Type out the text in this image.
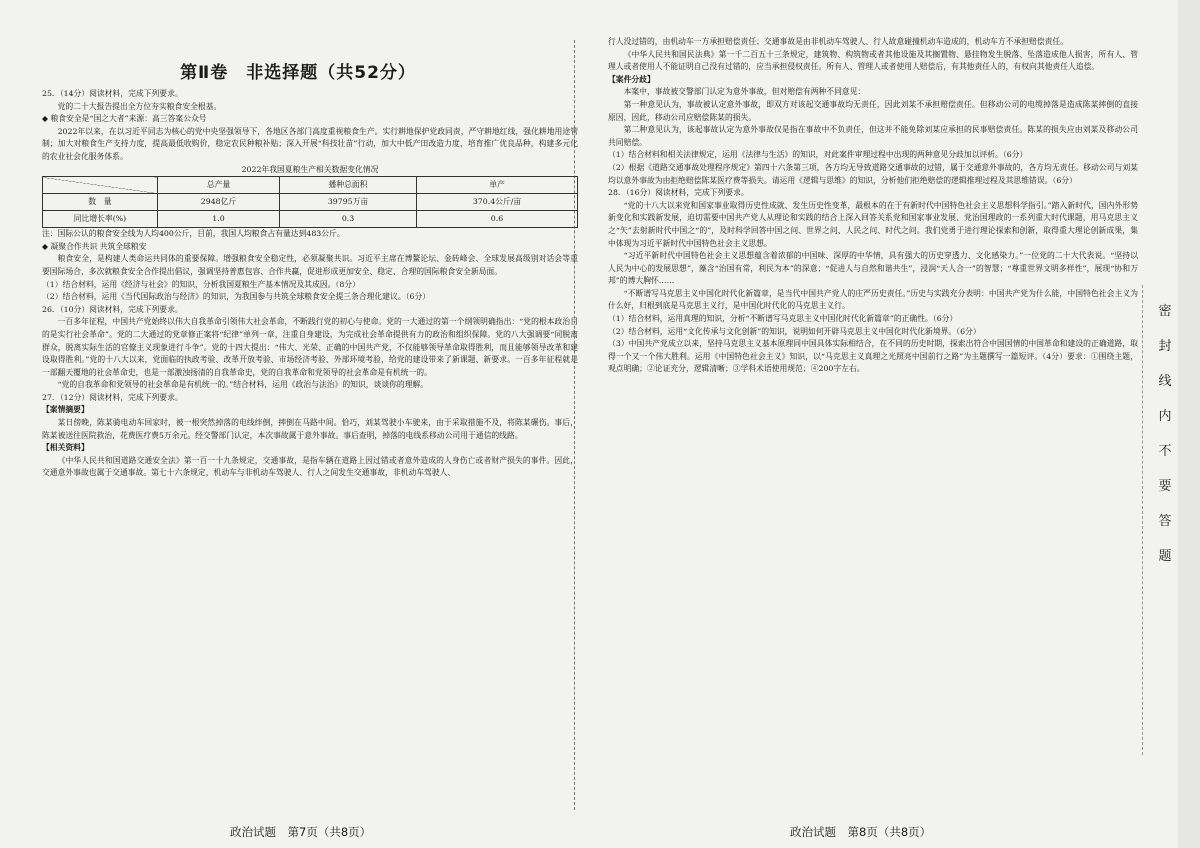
密
封
线
内
不
要
答
题
第Ⅱ卷　非选择题（共52分）

25．（14分）阅读材料，完成下列要求。

党的二十大报告提出全方位夯实粮食安全根基。

◆ 粮食安全是“国之大者”来源：高三答案公众号

2022年以来，在以习近平同志为核心的党中央坚强领导下，各地区各部门高度重视粮食生产。实行耕地保护党政同责，严守耕地红线，强化耕地用途管制；加大对粮食生产支持力度，提高最低收购价，稳定农民种粮补贴；深入开展“科技壮苗”行动，加大中低产田改造力度，培育推广优良品种，构建多元化的农业社会化服务体系。

2022年我国夏粮生产相关数据变化情况

	总产量	播种总面积	单产
数　量	2948亿斤	39795万亩	370.4公斤/亩
同比增长率(%)	1.0	0.3	0.6

注：国际公认的粮食安全线为人均400公斤，目前，我国人均粮食占有量达到483公斤。

◆ 凝聚合作共识 共筑全球粮安

粮食安全，是构建人类命运共同体的重要保障。增强粮食安全稳定性，必须凝聚共识。习近平主席在博鳌论坛、金砖峰会、全球发展高级别对话会等重要国际场合，多次就粮食安全合作提出倡议，强调坚持普惠包容、合作共赢，促进形成更加安全、稳定、合理的国际粮食安全新局面。

（1）结合材料，运用《经济与社会》的知识，分析我国夏粮生产基本情况及其成因。（8分）

（2）结合材料，运用《当代国际政治与经济》的知识，为我国参与共筑全球粮食安全提三条合理化建议。（6分）

26．（10分）阅读材料，完成下列要求。

一百多年征程，中国共产党始终以伟大自我革命引领伟大社会革命，不断践行党的初心与使命。党的一大通过的第一个纲领明确指出：“党的根本政治目的是实行社会革命”。党的二大通过的党章修正案将“纪律”单列一章，注重自身建设，为完成社会革命提供有力的政治和组织保障。党的八大强调要“同脱离群众，脱离实际生活的官僚主义现象进行斗争”。党的十四大提出：“伟大、光荣、正确的中国共产党，不仅能够领导革命取得胜利，而且能够领导改革和建设取得胜利。”党的十八大以来，党面临的执政考验、改革开放考验、市场经济考验、外部环境考验，给党的建设带来了新课题、新要求。一百多年征程就是一部翻天覆地的社会革命史，也是一部激浊扬清的自我革命史，党的自我革命和党领导的社会革命是有机统一的。

“党的自我革命和党领导的社会革命是有机统一的。”结合材料，运用《政治与法治》的知识，谈谈你的理解。

27．（12分）阅读材料，完成下列要求。

【案情摘要】

某日傍晚，陈某骑电动车回家时，被一根突然掉落的电线绊倒，摔倒在马路中间。恰巧，刘某驾驶小车驶来，由于采取措施不及，将陈某碾伤。事后，陈某被送往医院救治，花费医疗费5万余元。经交警部门认定，本次事故属于意外事故。事后查明，掉落的电线系移动公司用于通信的线路。

【相关资料】

《中华人民共和国道路交通安全法》第一百一十九条规定，交通事故，是指车辆在道路上因过错或者意外造成的人身伤亡或者财产损失的事件。因此，交通意外事故也属于交通事故。第七十六条规定，机动车与非机动车驾驶人、行人之间发生交通事故，非机动车驾驶人、

政治试题　第7页（共8页）

行人没过错的，由机动车一方承担赔偿责任；交通事故是由非机动车驾驶人、行人故意碰撞机动车造成的，机动车方不承担赔偿责任。

《中华人民共和国民法典》第一千二百五十三条规定，建筑物、构筑物或者其他设施及其搁置物、悬挂物发生脱落、坠落造成他人损害，所有人、管理人或者使用人不能证明自己没有过错的，应当承担侵权责任。所有人、管理人或者使用人赔偿后，有其他责任人的，有权向其他责任人追偿。

【案件分歧】

本案中，事故被交警部门认定为意外事故，但对赔偿有两种不同意见：

第一种意见认为，事故被认定意外事故，即双方对该起交通事故均无责任，因此刘某不承担赔偿责任。但移动公司的电缆掉落是造成陈某摔倒的直接原因，因此，移动公司应赔偿陈某的损失。

第二种意见认为，该起事故认定为意外事故仅是指在事故中不负责任，但这并不能免除刘某应承担的民事赔偿责任。陈某的损失应由刘某及移动公司共同赔偿。

（1）结合材料和相关法律规定，运用《法律与生活》的知识，对此案件审理过程中出现的两种意见分歧加以评析。（6分）

（2）根据《道路交通事故处理程序规定》第四十六条第三项，各方均无导致道路交通事故的过错，属于交通意外事故的，各方均无责任。移动公司与刘某均以意外事故为由拒绝赔偿陈某医疗费等损失。请运用《逻辑与思维》的知识，分析他们拒绝赔偿的逻辑推理过程及其思维错误。（6分）

28．（16分）阅读材料，完成下列要求。

“党的十八大以来党和国家事业取得历史性成就、发生历史性变革，最根本的在于有新时代中国特色社会主义思想科学指引。”踏入新时代，国内外形势新变化和实践新发展，迫切需要中国共产党人从理论和实践的结合上深入回答关系党和国家事业发展、党治国理政的一系列重大时代课题，用马克思主义之“矢”去射新时代中国之“的”，及时科学回答中国之问、世界之问、人民之问、时代之问。我们党勇于进行理论探索和创新，取得重大理论创新成果，集中体现为习近平新时代中国特色社会主义思想。

“习近平新时代中国特色社会主义思想蕴含着浓郁的中国味、深厚的中华情，具有强大的历史穿透力、文化感染力。”一位党的二十大代表说。“坚持以人民为中心的发展思想”，藻含“治国有常，利民为本”的深意；“促进人与自然和谐共生”，浸润“天人合一”的智慧；“尊重世界文明多样性”，展现“协和万邦”的博大胸怀……

“不断谱写马克思主义中国化时代化新篇章，是当代中国共产党人的庄严历史责任。”历史与实践充分表明：中国共产党为什么能，中国特色社会主义为什么好，归根到底是马克思主义行，是中国化时代化的马克思主义行。

（1）结合材料，运用真理的知识，分析“不断谱写马克思主义中国化时代化新篇章”的正确性。（6分）

（2）结合材料，运用“文化传承与文化创新”的知识，说明如何开辟马克思主义中国化时代化新境界。（6分）

（3）中国共产党成立以来，坚持马克思主义基本原理同中国具体实际相结合，在不同的历史时期，探索出符合中国国情的中国革命和建设的正确道路，取得一个又一个伟大胜利。运用《中国特色社会主义》知识，以“马克思主义真理之光照亮中国前行之路”为主题撰写一篇短评。（4分）要求：①围绕主题，观点明确；②论证充分，逻辑清晰；③学科术语使用规范；④200字左右。

政治试题　第8页（共8页）
